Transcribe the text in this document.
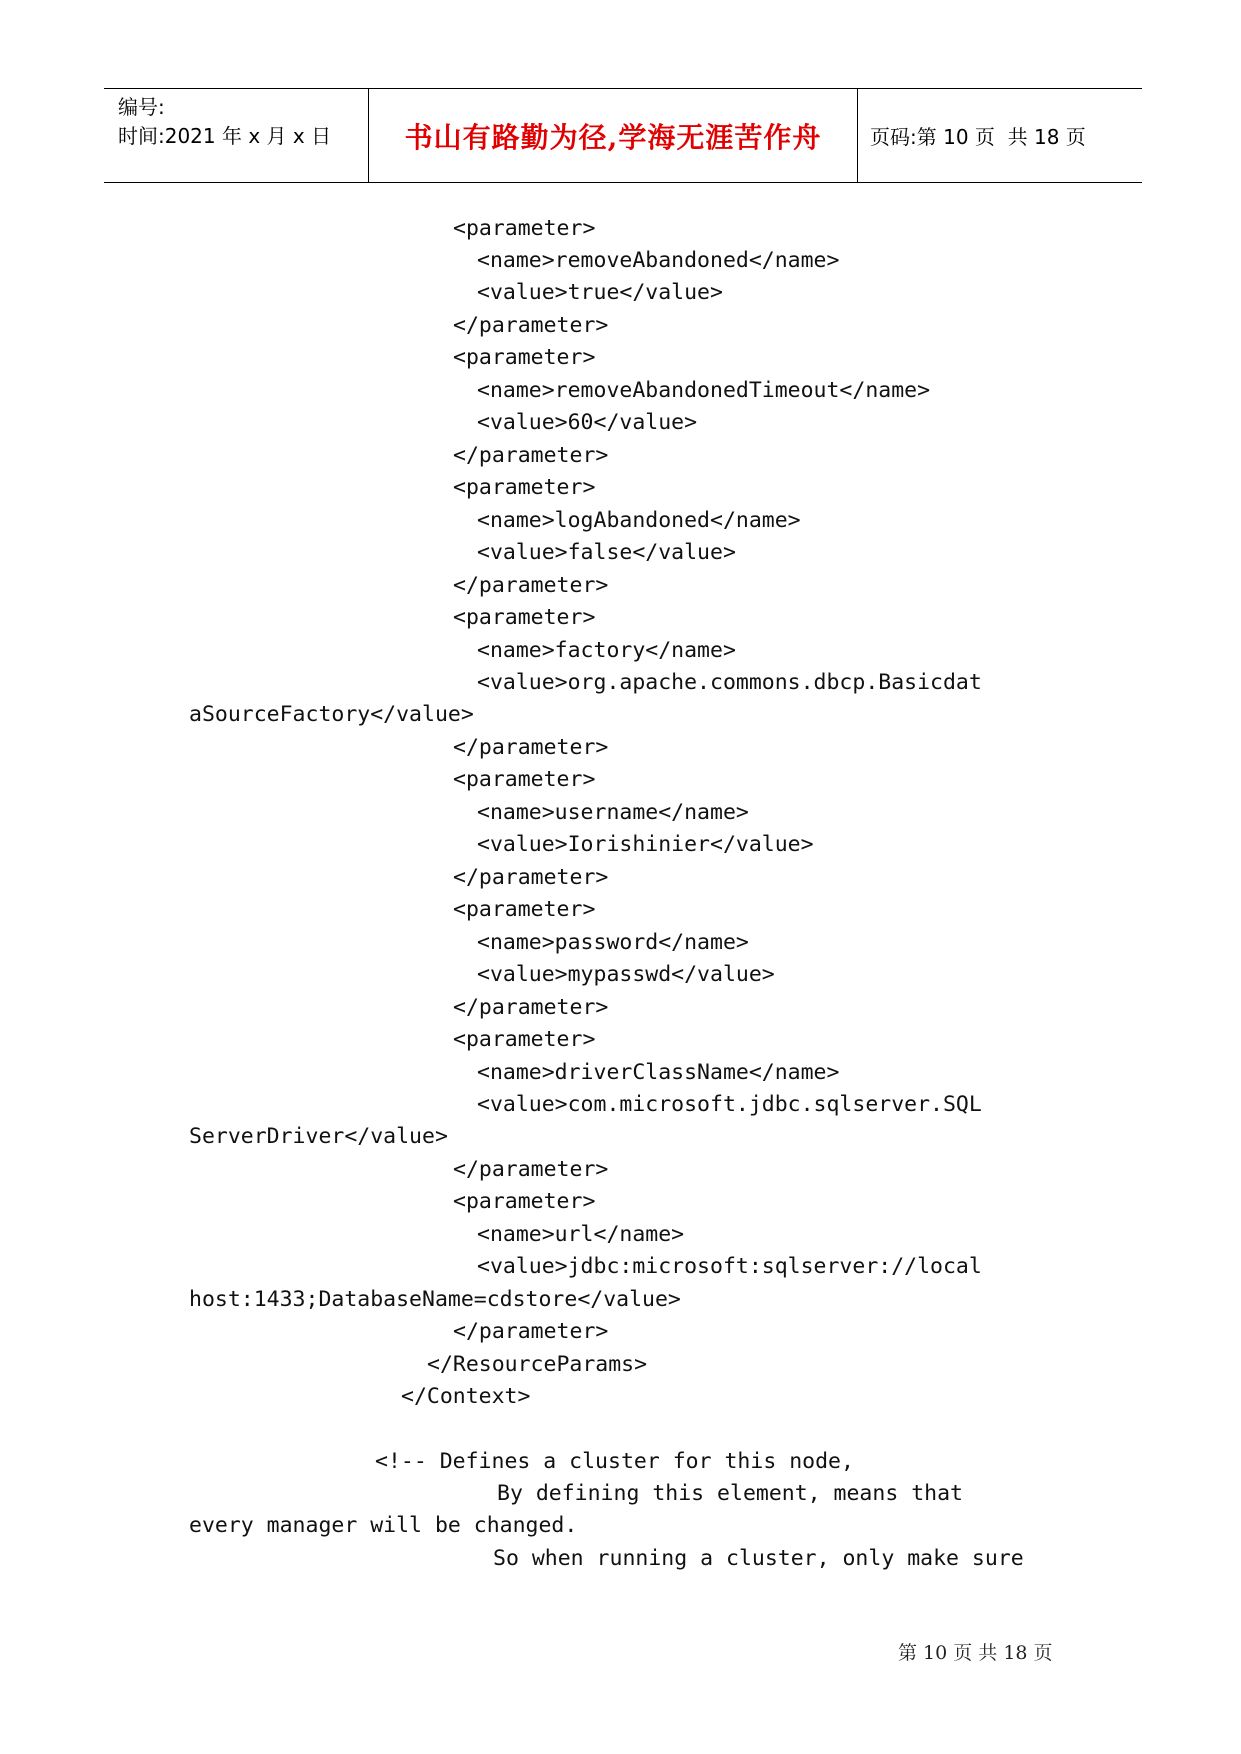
编号:
时间:2021 年 x 月 x 日	书山有路勤为径,学海无涯苦作舟	页码:第 10 页  共 18 页
<parameter>
<name>removeAbandoned</name>
<value>true</value>
</parameter>
<parameter>
<name>removeAbandonedTimeout</name>
<value>60</value>
</parameter>
<parameter>
<name>logAbandoned</name>
<value>false</value>
</parameter>
<parameter>
<name>factory</name>
<value>org.apache.commons.dbcp.Basicdat
aSourceFactory</value>
</parameter>
<parameter>
<name>username</name>
<value>Iorishinier</value>
</parameter>
<parameter>
<name>password</name>
<value>mypasswd</value>
</parameter>
<parameter>
<name>driverClassName</name>
<value>com.microsoft.jdbc.sqlserver.SQL
ServerDriver</value>
</parameter>
<parameter>
<name>url</name>
<value>jdbc:microsoft:sqlserver://local
host:1433;DatabaseName=cdstore</value>
</parameter>
</ResourceParams>
</Context>
<!-- Defines a cluster for this node,
By defining this element, means that
every manager will be changed.
So when running a cluster, only make sure
第 10 页 共 18 页
